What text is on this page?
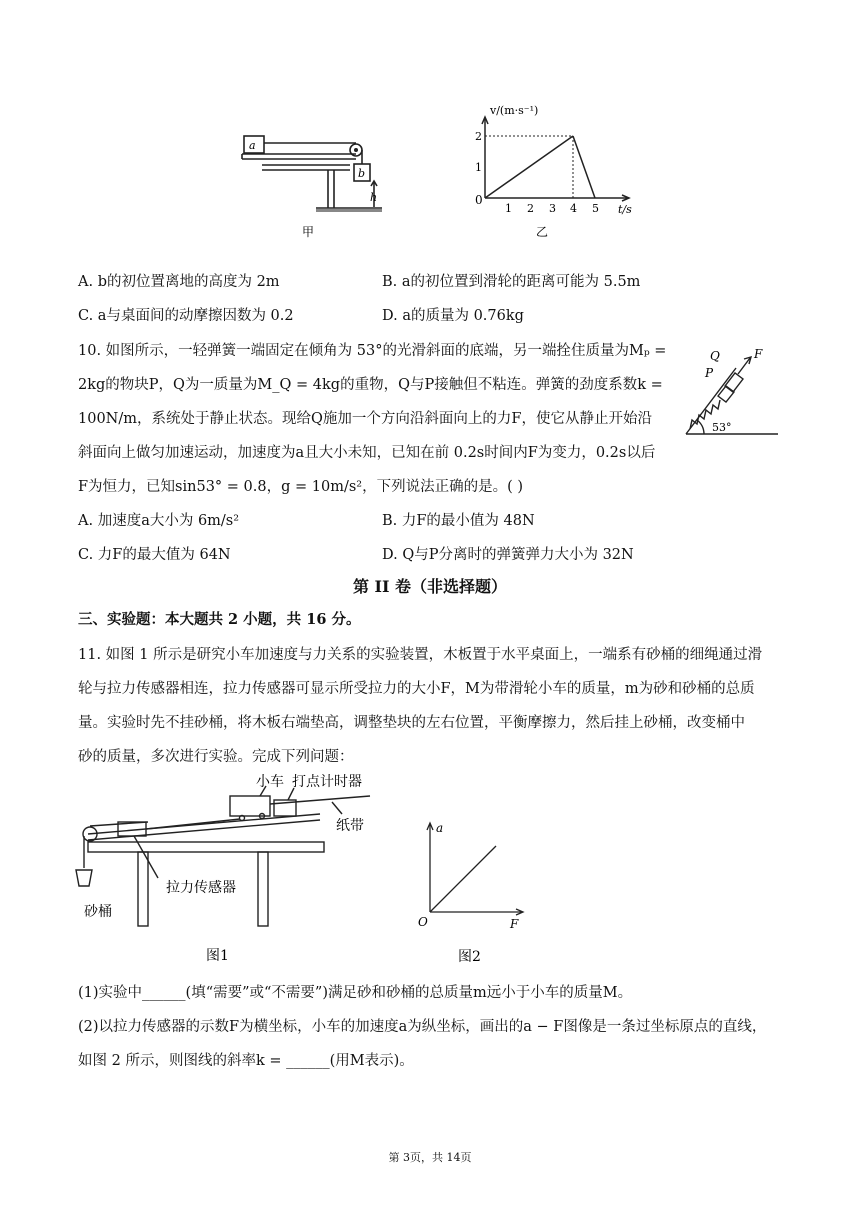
a
b
h
甲
v/(m·s⁻¹)
t/s
0
1 2 3 4 5
1
2
乙
A. b的初位置离地的高度为 2m	B. a的初位置到滑轮的距离可能为 5.5m
C. a与桌面间的动摩擦因数为 0.2	D. a的质量为 0.76kg
10. 如图所示，一轻弹簧一端固定在倾角为 53°的光滑斜面的底端，另一端拴住质量为Mₚ =
2kg的物块P，Q为一质量为M_Q = 4kg的重物，Q与P接触但不粘连。弹簧的劲度系数k =
100N/m，系统处于静止状态。现给Q施加一个方向沿斜面向上的力F，使它从静止开始沿
斜面向上做匀加速运动，加速度为a且大小未知，已知在前 0.2s时间内F为变力，0.2s以后
F为恒力，已知sin53° = 0.8，g = 10m/s²，下列说法正确的是。( )
Q
P
F
53°
A. 加速度a大小为 6m/s²	B. 力F的最小值为 48N
C. 力F的最大值为 64N	D. Q与P分离时的弹簧弹力大小为 32N
第 II 卷（非选择题）
三、实验题：本大题共 2 小题，共 16 分。
11. 如图 1 所示是研究小车加速度与力关系的实验装置，木板置于水平桌面上，一端系有砂桶的细绳通过滑
轮与拉力传感器相连，拉力传感器可显示所受拉力的大小F，M为带滑轮小车的质量，m为砂和砂桶的总质
量。实验时先不挂砂桶，将木板右端垫高，调整垫块的左右位置，平衡摩擦力，然后挂上砂桶，改变桶中
砂的质量，多次进行实验。完成下列问题：
小车 打点计时器
纸带
拉力传感器
砂桶
图1
a
O	F
图2
(1)实验中______(填“需要”或“不需要”)满足砂和砂桶的总质量m远小于小车的质量M。
(2)以拉力传感器的示数F为横坐标，小车的加速度a为纵坐标，画出的a − F图像是一条过坐标原点的直线，
如图 2 所示，则图线的斜率k = ______(用M表示)。
第 3页，共 14页
